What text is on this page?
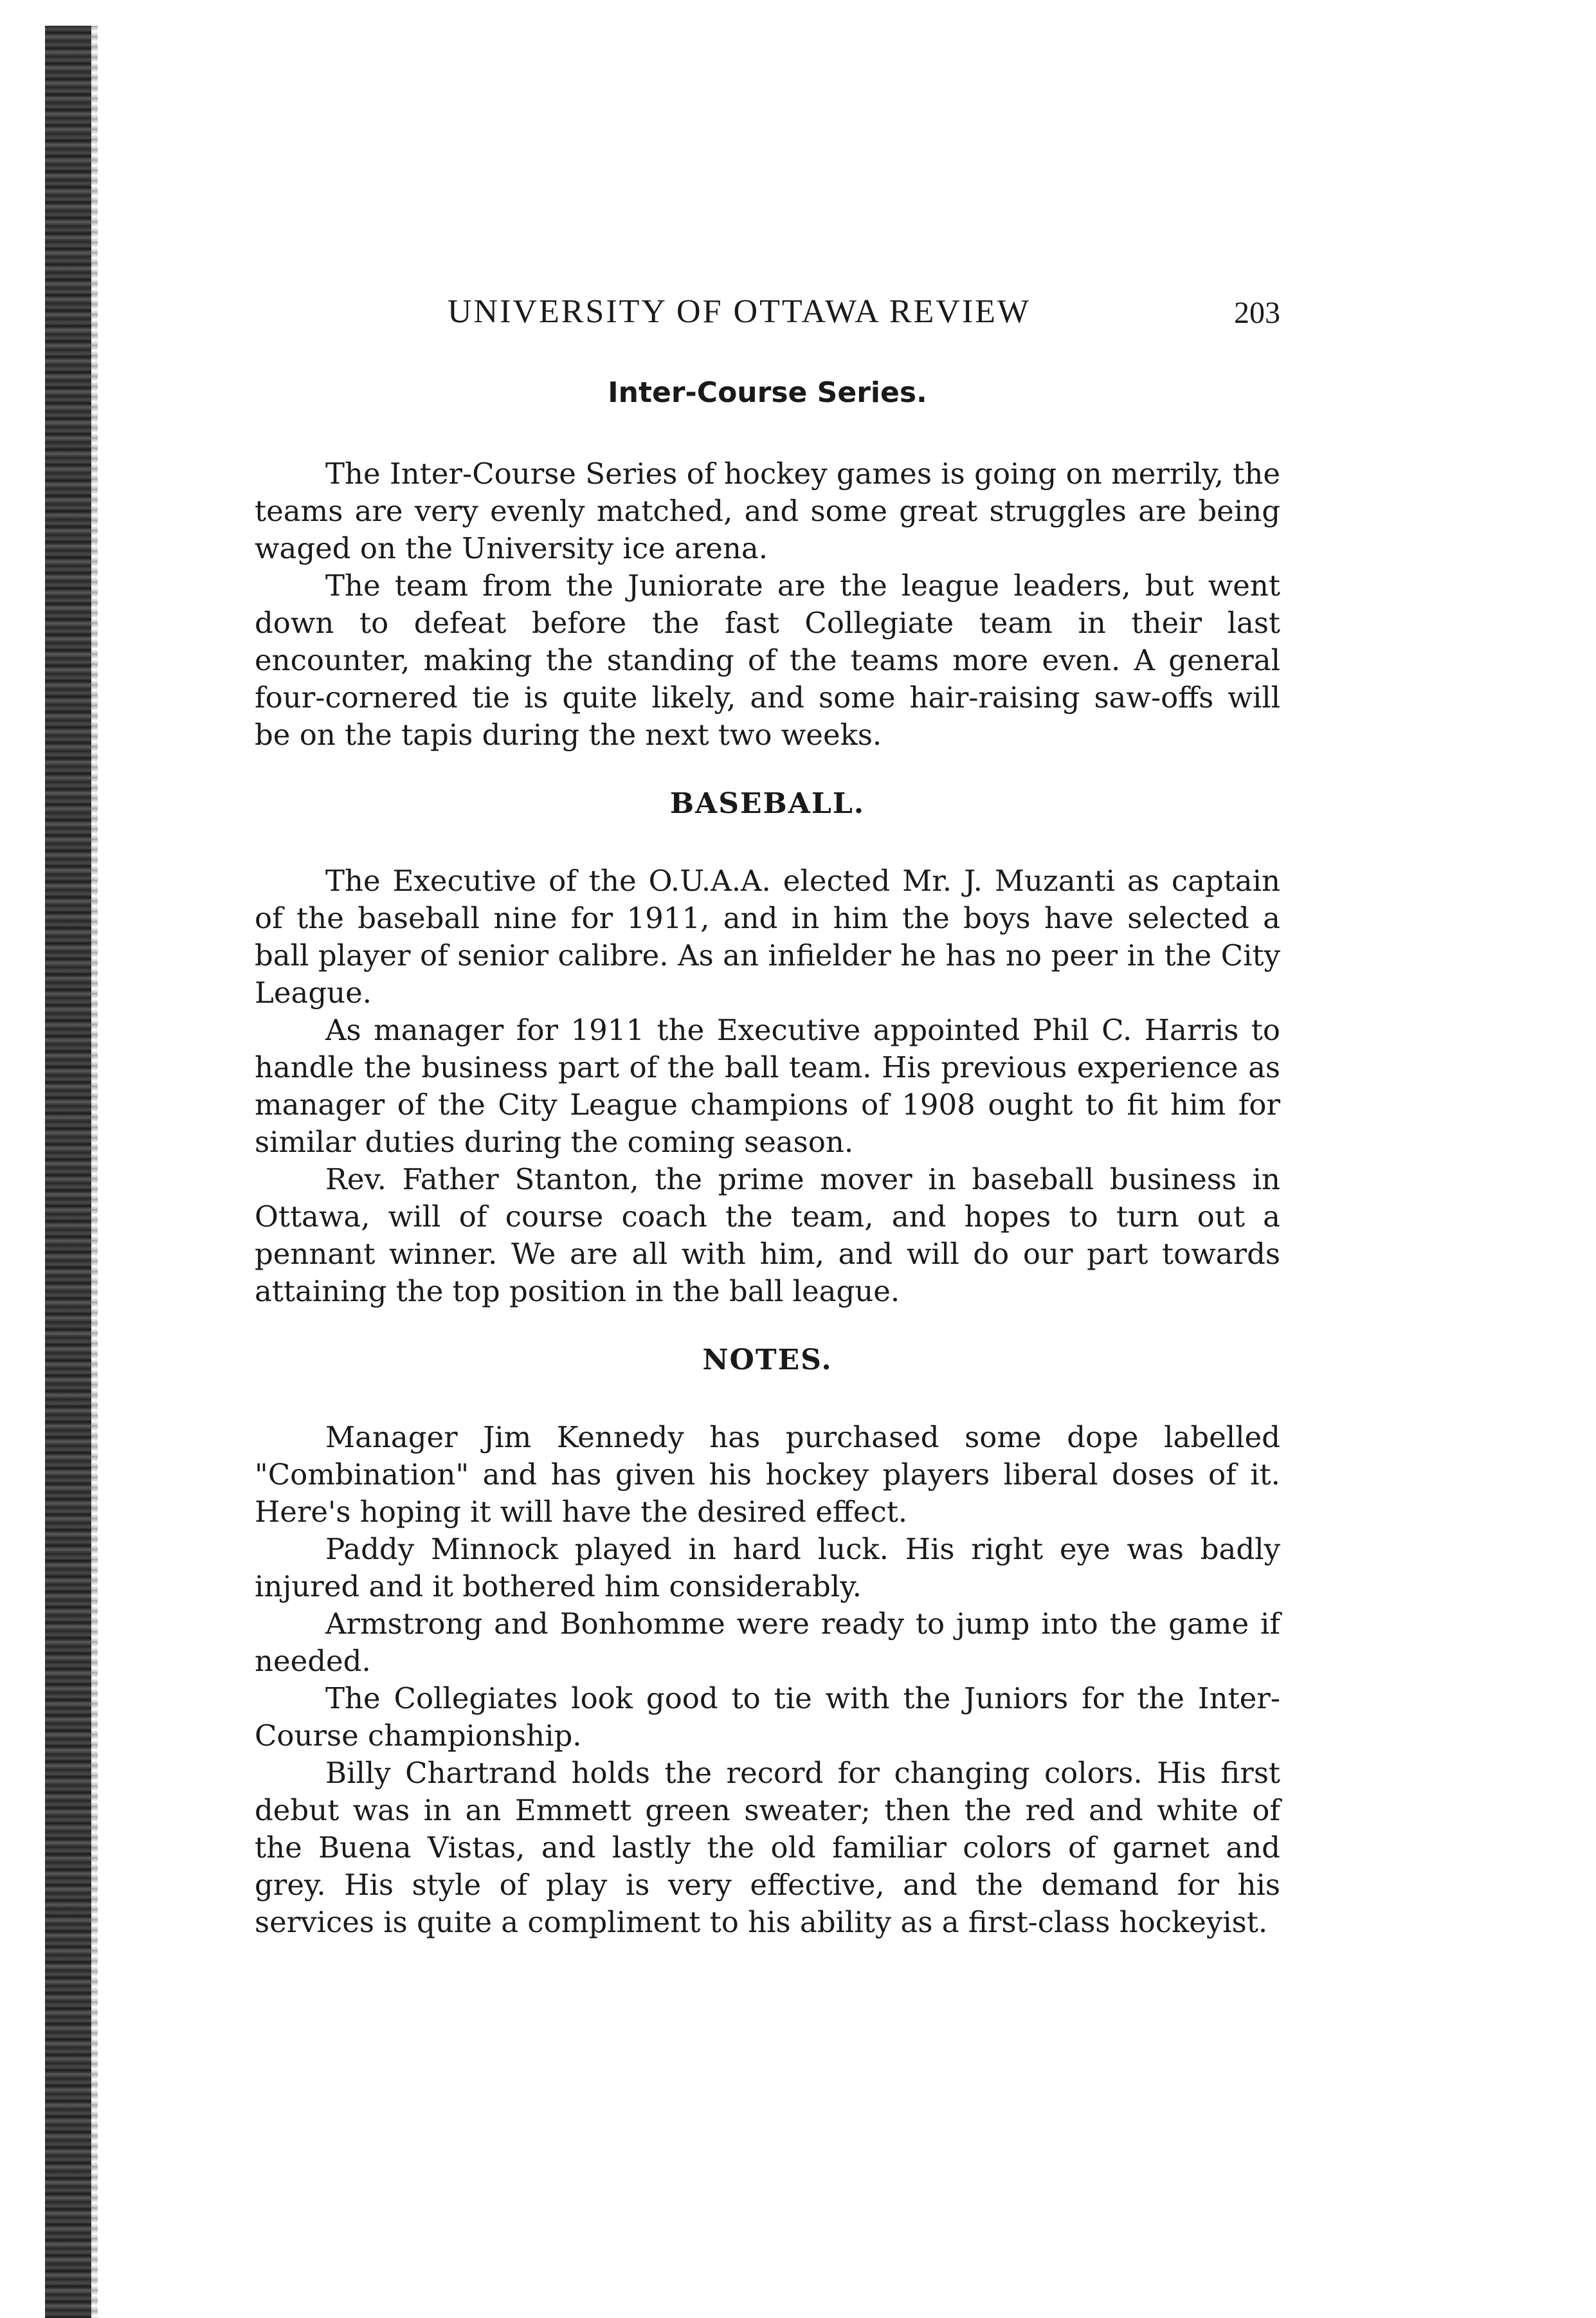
UNIVERSITY OF OTTAWA REVIEW	203
Inter-Course Series.

The Inter-Course Series of hockey games is going on merrily, the teams are very evenly matched, and some great struggles are being waged on the University ice arena.

The team from the Juniorate are the league leaders, but went down to defeat before the fast Collegiate team in their last encounter, making the standing of the teams more even. A general four-cornered tie is quite likely, and some hair-raising saw-offs will be on the tapis during the next two weeks.

BASEBALL.

The Executive of the O.U.A.A. elected Mr. J. Muzanti as captain of the baseball nine for 1911, and in him the boys have selected a ball player of senior calibre. As an infielder he has no peer in the City League.

As manager for 1911 the Executive appointed Phil C. Harris to handle the business part of the ball team. His previous experience as manager of the City League champions of 1908 ought to fit him for similar duties during the coming season.

Rev. Father Stanton, the prime mover in baseball business in Ottawa, will of course coach the team, and hopes to turn out a pennant winner. We are all with him, and will do our part towards attaining the top position in the ball league.

NOTES.

Manager Jim Kennedy has purchased some dope labelled "Combination" and has given his hockey players liberal doses of it. Here's hoping it will have the desired effect.

Paddy Minnock played in hard luck. His right eye was badly injured and it bothered him considerably.

Armstrong and Bonhomme were ready to jump into the game if needed.

The Collegiates look good to tie with the Juniors for the Inter-Course championship.

Billy Chartrand holds the record for changing colors. His first debut was in an Emmett green sweater; then the red and white of the Buena Vistas, and lastly the old familiar colors of garnet and grey. His style of play is very effective, and the demand for his services is quite a compliment to his ability as a first-class hockeyist.
